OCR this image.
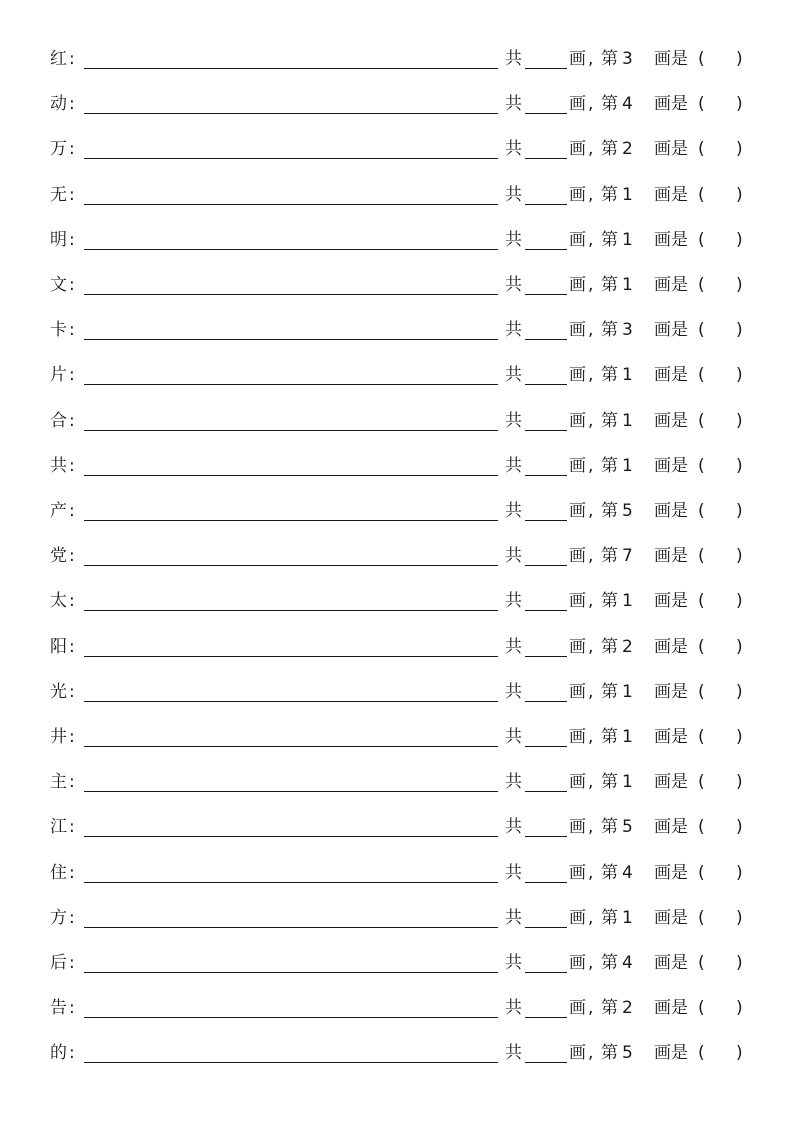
红 :	共	画 , 第 3 画是 ( )
动 :	共	画 , 第 4 画是 ( )
万 :	共	画 , 第 2 画是 ( )
无 :	共	画 , 第 1 画是 ( )
明 :	共	画 , 第 1 画是 ( )
文 :	共	画 , 第 1 画是 ( )
卡 :	共	画 , 第 3 画是 ( )
片 :	共	画 , 第 1 画是 ( )
合 :	共	画 , 第 1 画是 ( )
共 :	共	画 , 第 1 画是 ( )
产 :	共	画 , 第 5 画是 ( )
党 :	共	画 , 第 7 画是 ( )
太 :	共	画 , 第 1 画是 ( )
阳 :	共	画 , 第 2 画是 ( )
光 :	共	画 , 第 1 画是 ( )
井 :	共	画 , 第 1 画是 ( )
主 :	共	画 , 第 1 画是 ( )
江 :	共	画 , 第 5 画是 ( )
住 :	共	画 , 第 4 画是 ( )
方 :	共	画 , 第 1 画是 ( )
后 :	共	画 , 第 4 画是 ( )
告 :	共	画 , 第 2 画是 ( )
的 :	共	画 , 第 5 画是 ( )
